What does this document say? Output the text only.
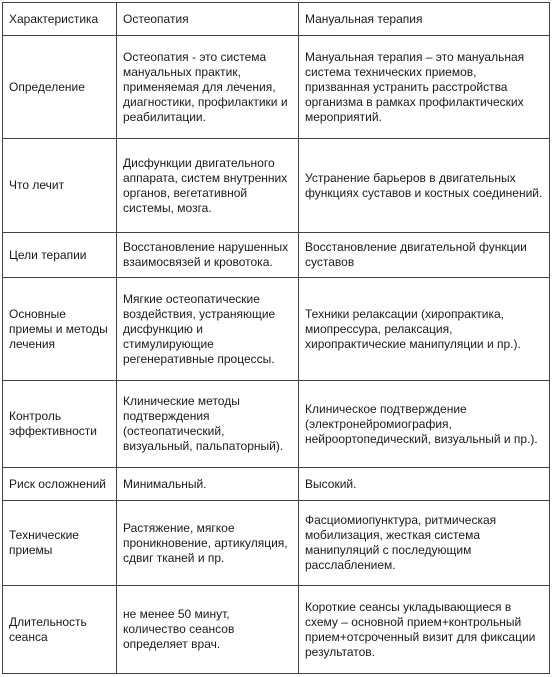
Характеристика	Остеопатия	Мануальная терапия
Определение	Остеопатия - это система мануальных практик, применяемая для лечения, диагностики, профилактики и реабилитации.	Мануальная терапия – это мануальная система технических приемов, призванная устранить расстройства организма в рамках профилактических мероприятий.
Что лечит	Дисфункции двигательного аппарата, систем внутренних органов, вегетативной системы, мозга.	Устранение барьеров в двигательных функциях суставов и костных соединений.
Цели терапии	Восстановление нарушенных взаимосвязей и кровотока.	Восстановление двигательной функции суставов
Основные приемы и методы лечения	Мягкие остеопатические воздействия, устраняющие дисфункцию и стимулирующие регенеративные процессы.	Техники релаксации (хиропрактика, миопрессура, релаксация, хиропрактические манипуляции и пр.).
Контроль эффективности	Клинические методы подтверждения (остеопатический, визуальный, пальпаторный).	Клиническое подтверждение (электронейромиография, нейроортопедический, визуальный и пр.).
Риск осложнений	Минимальный.	Высокий.
Технические приемы	Растяжение, мягкое проникновение, артикуляция, сдвиг тканей и пр.	Фасциомиопунктура, ритмическая мобилизация, жесткая система манипуляций с последующим расслаблением.
Длительность сеанса	не менее 50 минут, количество сеансов определяет врач.	Короткие сеансы укладывающиеся в схему – основной прием+контрольный прием+отсроченный визит для фиксации результатов.
